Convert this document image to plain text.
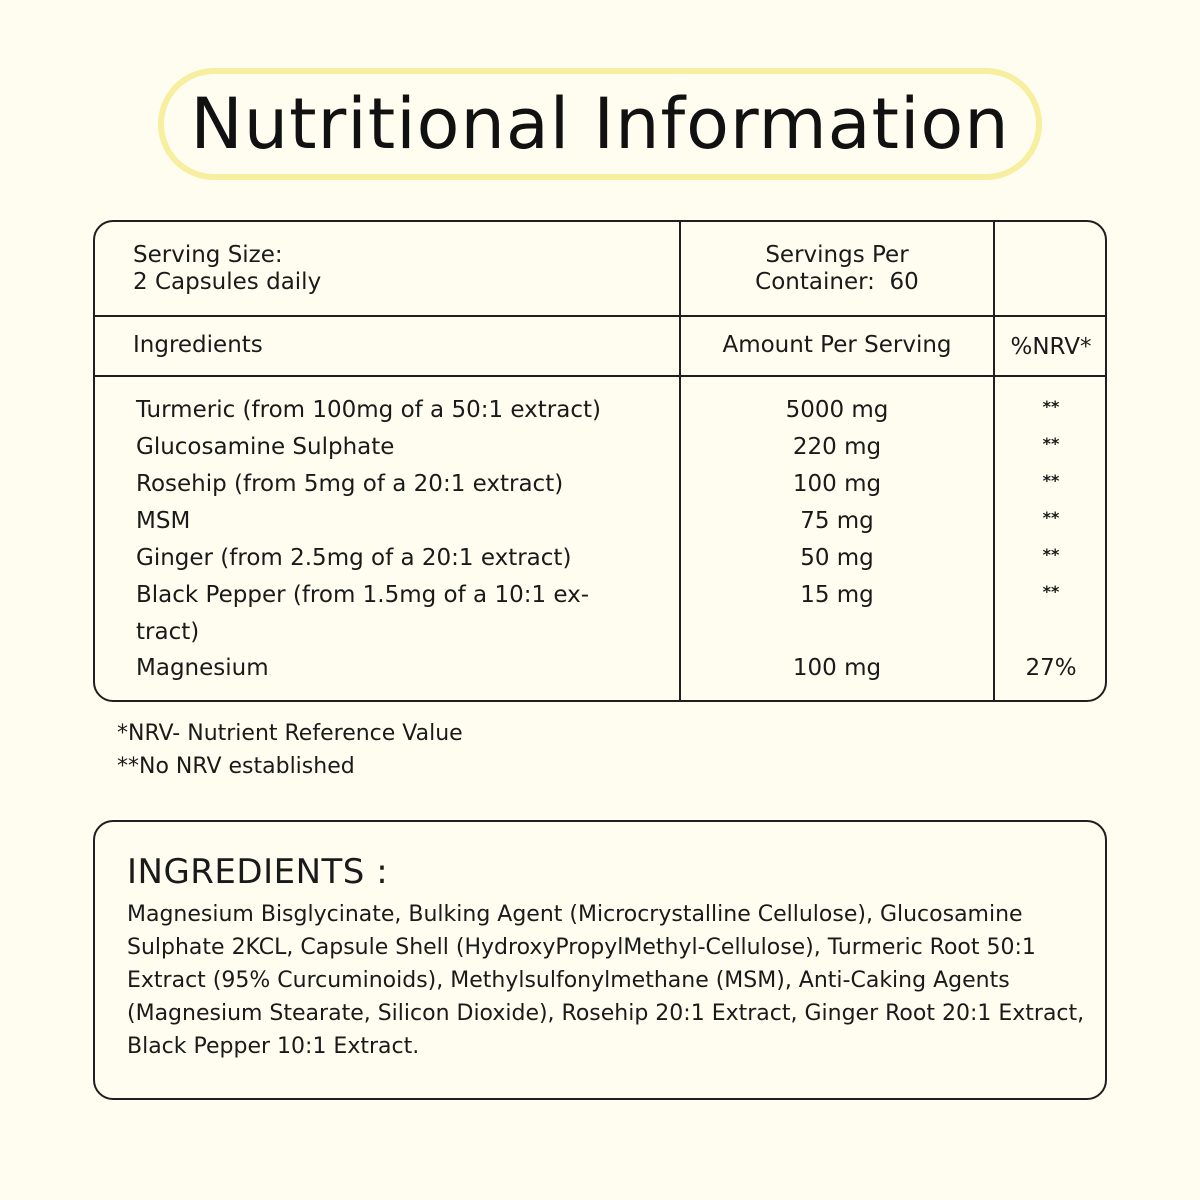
Nutritional Information
Serving Size:
2 Capsules daily
Servings Per
Container:  60
Ingredients	Amount Per Serving	%NRV*
Turmeric (from 100mg of a 50:1 extract)
Glucosamine Sulphate
Rosehip (from 5mg of a 20:1 extract)
MSM
Ginger (from 2.5mg of a 20:1 extract)
Black Pepper (from 1.5mg of a 10:1 ex-
tract)
Magnesium
5000 mg
220 mg
100 mg
75 mg
50 mg
15 mg
100 mg
**
**
**
**
**
**
27%
*NRV- Nutrient Reference Value
**No NRV established
INGREDIENTS :

Magnesium Bisglycinate, Bulking Agent (Microcrystalline Cellulose), Glucosamine Sulphate 2KCL, Capsule Shell (HydroxyPropylMethyl-Cellulose), Turmeric Root 50:1 Extract (95% Curcuminoids), Methylsulfonylmethane (MSM), Anti-Caking Agents (Magnesium Stearate, Silicon Dioxide), Rosehip 20:1 Extract, Ginger Root 20:1 Extract, Black Pepper 10:1 Extract.
